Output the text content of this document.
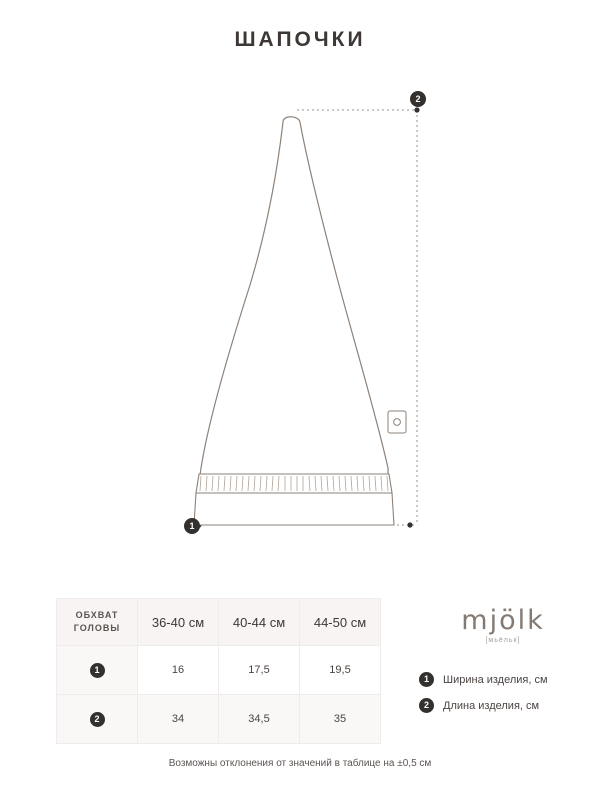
ШАПОЧКИ
2
1
ОБХВАТ
ГОЛОВЫ	36-40 см	40-44 см	44-50 см
1	16	17,5	19,5
2	34	34,5	35
mjölk
[мьёльк]
1	Ширина изделия, см
2	Длина изделия, см
Возможны отклонения от значений в таблице на ±0,5 см
